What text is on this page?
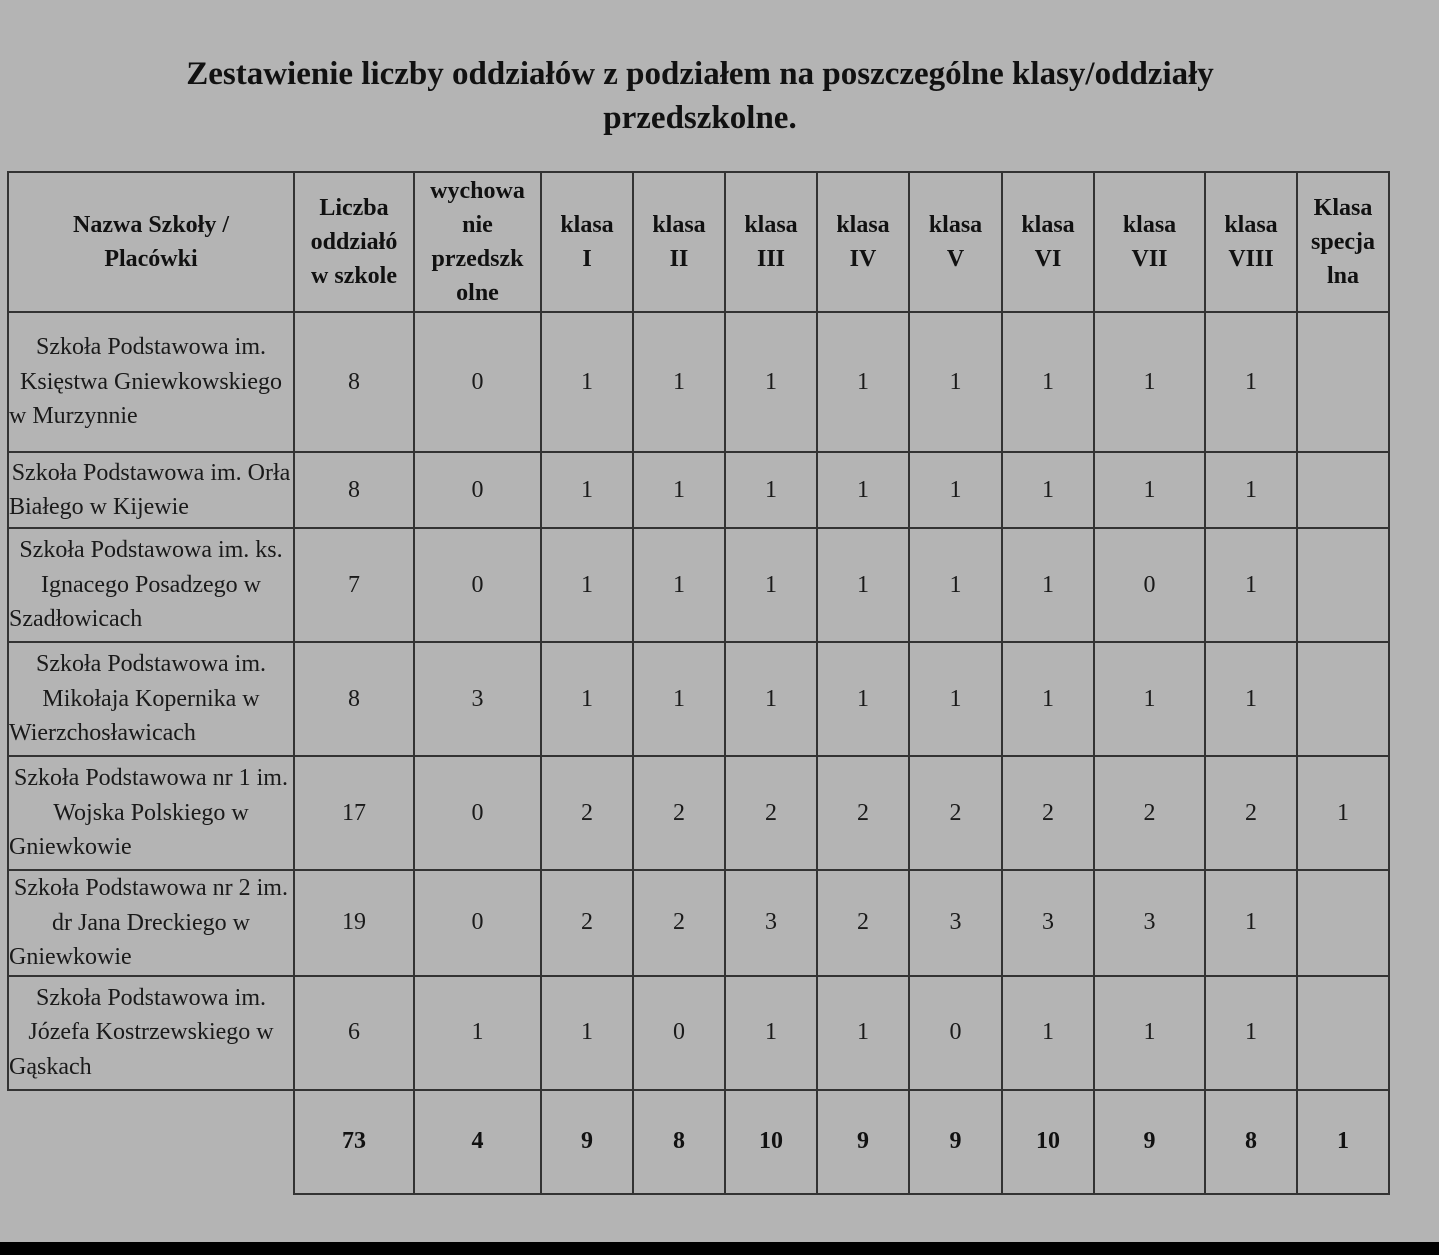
Zestawienie liczby oddziałów z podziałem na poszczególne klasy/oddziały
przedszkolne.
Nazwa Szkoły / Placówki	Liczba oddziałó w szkole	wychowa nie przedszk olne	klasa I	klasa II	klasa III	klasa IV	klasa V	klasa VI	klasa VII	klasa VIII	Klasa specja lna
Szkoła Podstawowa im. Księstwa Gniewkowskiego w Murzynnie	8	0	1	1	1	1	1	1	1	1	
Szkoła Podstawowa im. Orła Białego w Kijewie	8	0	1	1	1	1	1	1	1	1	
Szkoła Podstawowa im. ks. Ignacego Posadzego w Szadłowicach	7	0	1	1	1	1	1	1	0	1	
Szkoła Podstawowa im. Mikołaja Kopernika w Wierzchosławicach	8	3	1	1	1	1	1	1	1	1	
Szkoła Podstawowa nr 1 im. Wojska Polskiego w Gniewkowie	17	0	2	2	2	2	2	2	2	2	1
Szkoła Podstawowa nr 2 im. dr Jana Dreckiego w Gniewkowie	19	0	2	2	3	2	3	3	3	1	
Szkoła Podstawowa im. Józefa Kostrzewskiego w Gąskach	6	1	1	0	1	1	0	1	1	1	
	73	4	9	8	10	9	9	10	9	8	1
